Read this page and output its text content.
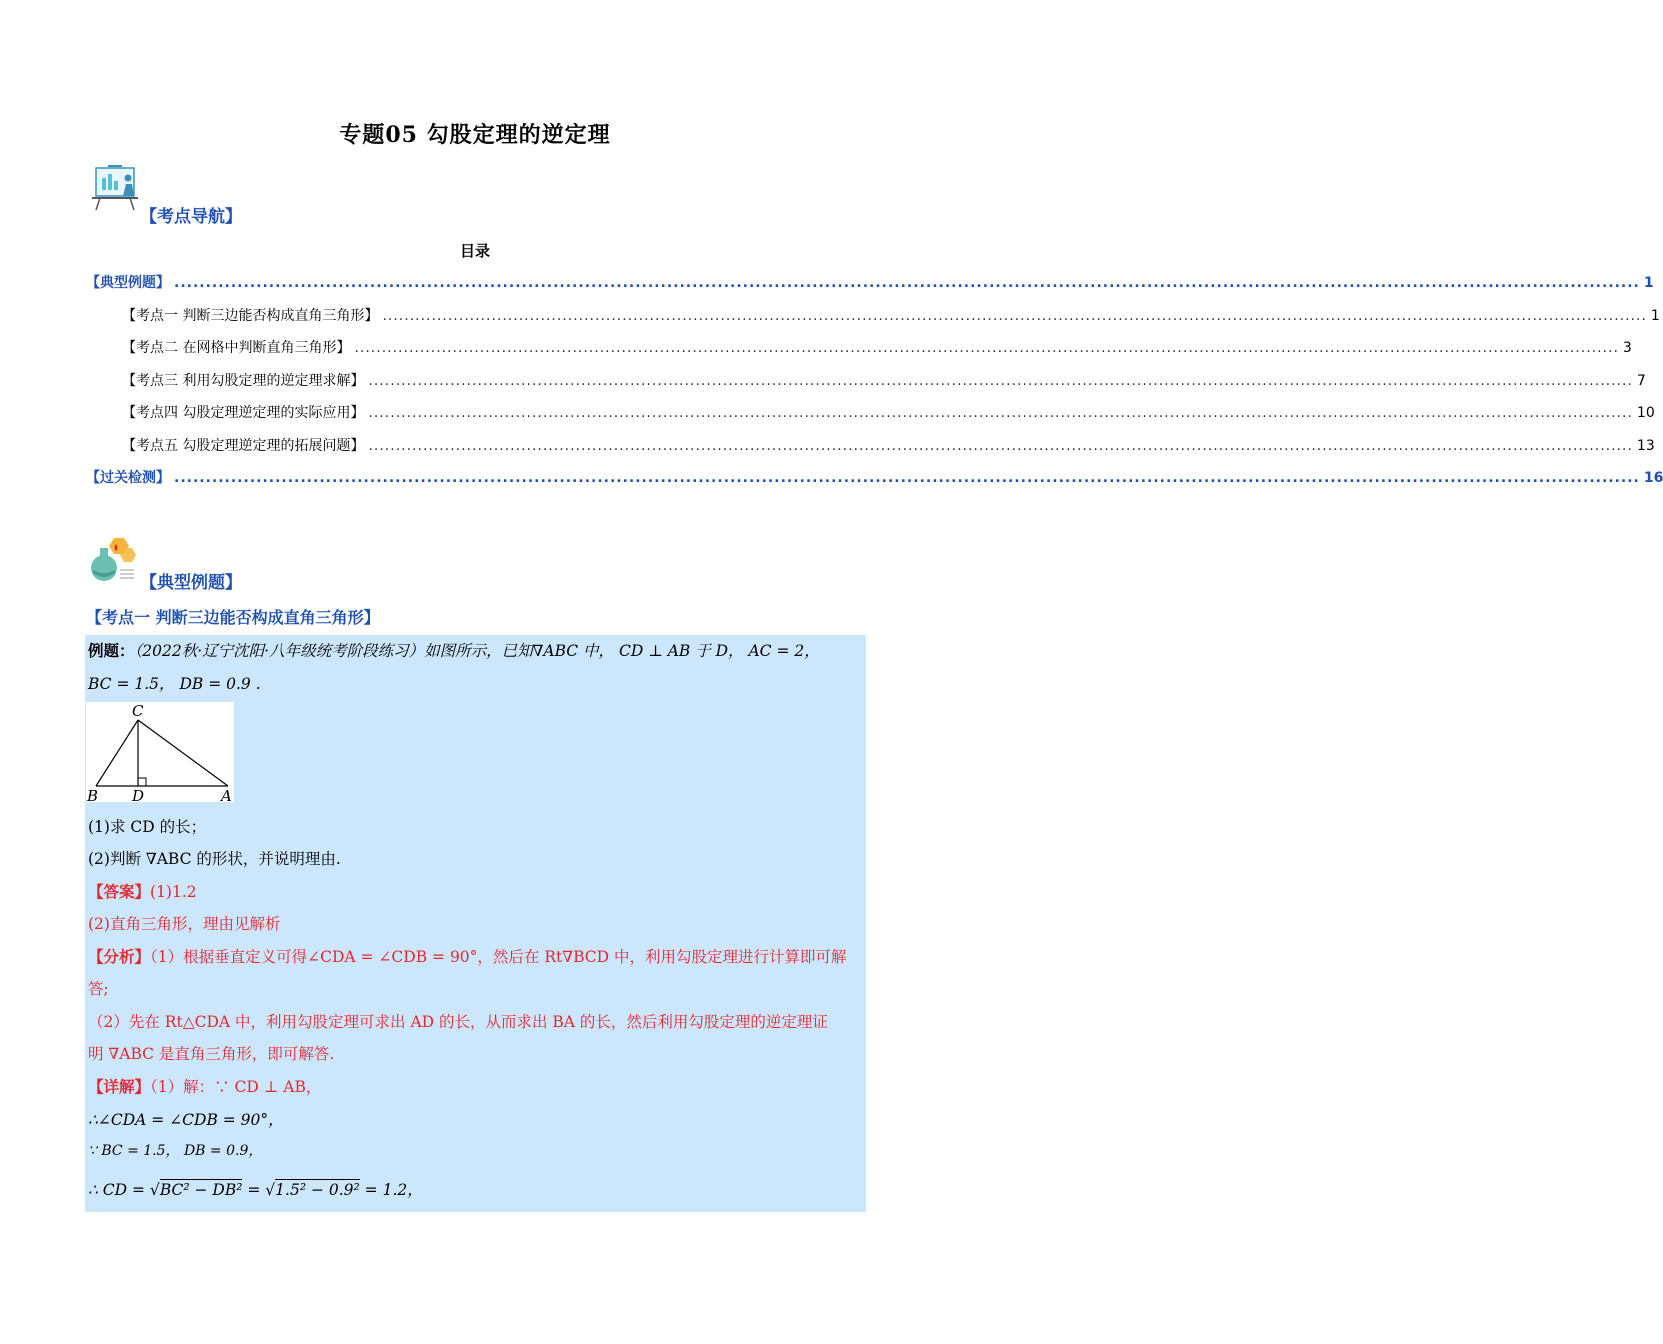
专题05 勾股定理的逆定理
【考点导航】
目录
【典型例题】 ........................................................................................................................................................................................................................................ 1
【考点一 判断三边能否构成直角三角形】 ........................................................................................................................................................................................................................................ 1
【考点二 在网格中判断直角三角形】 ........................................................................................................................................................................................................................................ 3
【考点三 利用勾股定理的逆定理求解】 ........................................................................................................................................................................................................................................ 7
【考点四 勾股定理逆定理的实际应用】 ........................................................................................................................................................................................................................................ 10
【考点五 勾股定理逆定理的拓展问题】 ........................................................................................................................................................................................................................................ 13
【过关检测】 ........................................................................................................................................................................................................................................ 16
【典型例题】
【考点一 判断三边能否构成直角三角形】
例题：（2022秋·辽宁沈阳·八年级统考阶段练习）如图所示，已知∇ABC 中， CD ⊥ AB 于 D， AC = 2，
BC = 1.5， DB = 0.9 .
C
B D	A
(1)求 CD 的长；
(2)判断 ∇ABC 的形状，并说明理由.
【答案】(1)1.2
(2)直角三角形，理由见解析
【分析】（1）根据垂直定义可得∠CDA = ∠CDB = 90°，然后在 Rt∇BCD 中，利用勾股定理进行计算即可解
答;
（2）先在 Rt△CDA 中，利用勾股定理可求出 AD 的长，从而求出 BA 的长，然后利用勾股定理的逆定理证
明 ∇ABC 是直角三角形，即可解答.
【详解】（1）解：∵ CD ⊥ AB，
∴∠CDA = ∠CDB = 90°，
∵ BC = 1.5， DB = 0.9，
∴ CD = √BC² − DB² = √1.5² − 0.9² = 1.2，
